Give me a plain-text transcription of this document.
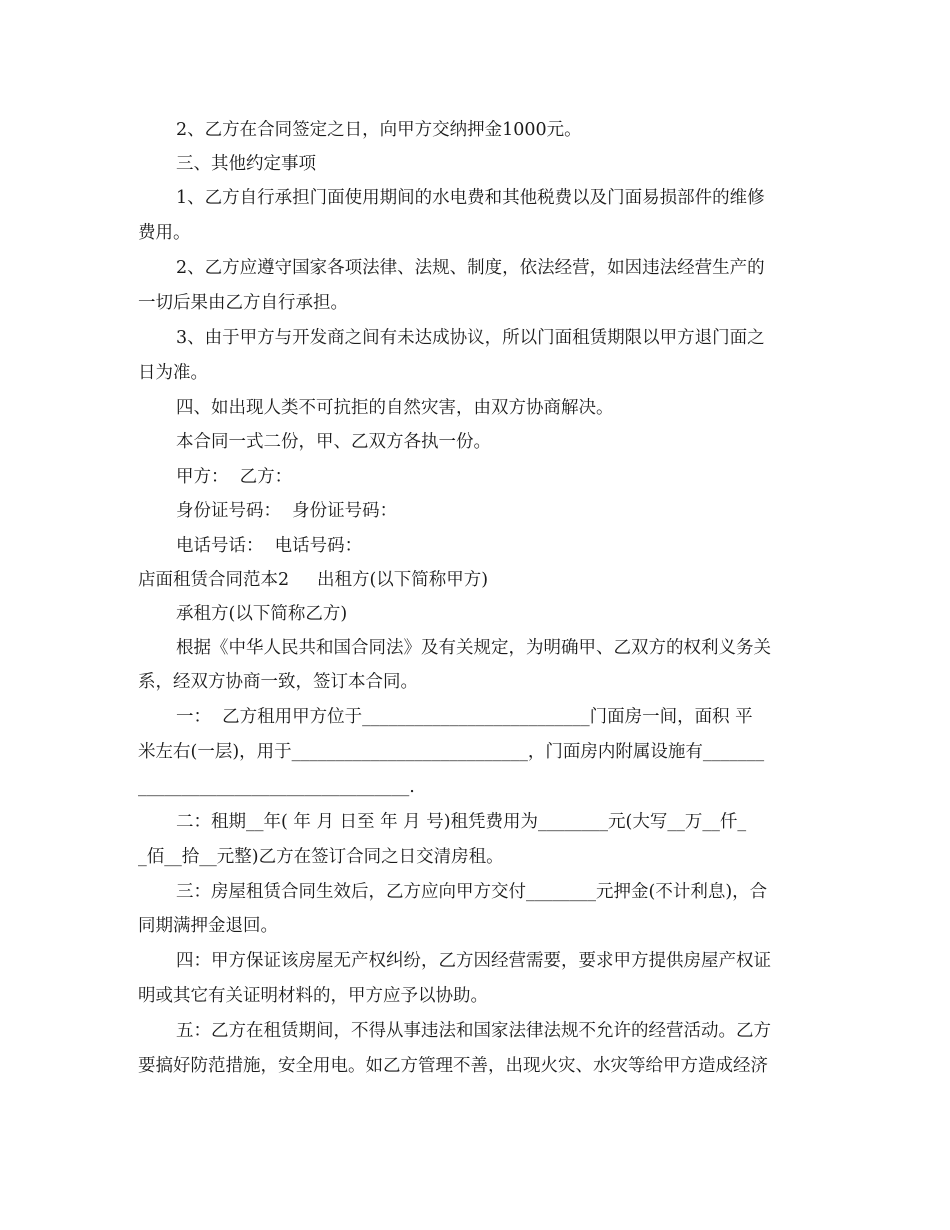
2、乙方在合同签定之日，向甲方交纳押金1000元。
三、其他约定事项
1、乙方自行承担门面使用期间的水电费和其他税费以及门面易损部件的维修
费用。
2、乙方应遵守国家各项法律、法规、制度，依法经营，如因违法经营生产的
一切后果由乙方自行承担。
3、由于甲方与开发商之间有未达成协议，所以门面租赁期限以甲方退门面之
日为准。
四、如出现人类不可抗拒的自然灾害，由双方协商解决。
本合同一式二份，甲、乙双方各执一份。
甲方：  乙方：
身份证号码：  身份证号码：
电话号话：  电话号码：
店面租赁合同范本2     出租方(以下简称甲方)
承租方(以下简称乙方)
根据《中华人民共和国合同法》及有关规定，为明确甲、乙双方的权利义务关
系，经双方协商一致，签订本合同。
一：  乙方租用甲方位于__________________________门面房一间，面积 平
米左右(一层)，用于___________________________，门面房内附属设施有_______
_______________________________.
二：租期__年( 年 月 日至 年 月 号)租凭费用为________元(大写__万__仟_
_佰__拾__元整)乙方在签订合同之日交清房租。
三：房屋租赁合同生效后，乙方应向甲方交付________元押金(不计利息)，合
同期满押金退回。
四：甲方保证该房屋无产权纠纷，乙方因经营需要，要求甲方提供房屋产权证
明或其它有关证明材料的，甲方应予以协助。
五：乙方在租赁期间，不得从事违法和国家法律法规不允许的经营活动。乙方
要搞好防范措施，安全用电。如乙方管理不善，出现火灾、水灾等给甲方造成经济
